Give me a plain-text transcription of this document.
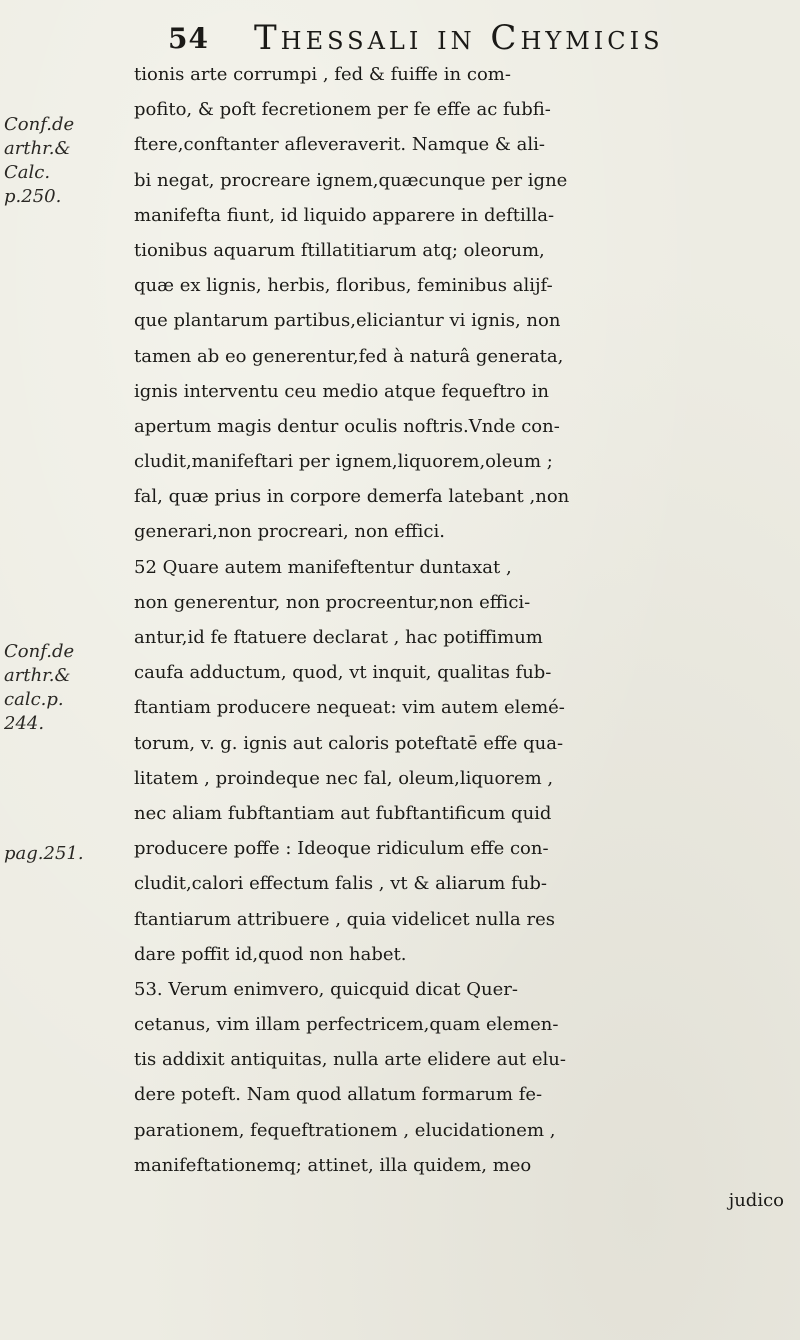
54 Thessali in Chymicis
Conf.de
arthr.&
Calc.
p.250.
Conf.de
arthr.&
calc.p.
244.
pag.251.
tionis arte corrumpi , fed & fuiffe in com-
pofito, & poft fecretionem per fe effe ac fubfi-
ftere,conftanter afleveraverit. Namque & ali-
bi negat, procreare ignem,quæcunque per igne
manifefta fiunt, id liquido apparere in deftilla-
tionibus aquarum ftillatitiarum atq; oleorum,
quæ ex lignis, herbis, floribus, feminibus alijf-
que plantarum partibus,eliciantur vi ignis, non
tamen ab eo generentur,fed à naturâ generata,
ignis interventu ceu medio atque fequeftro in
apertum magis dentur oculis noftris.Vnde con-
cludit,manifeftari per ignem,liquorem,oleum ;
fal, quæ prius in corpore demerfa latebant ,non
generari,non procreari, non effici.
52 Quare autem manifeftentur duntaxat ,
non generentur, non procreentur,non effici-
antur,id fe ftatuere declarat , hac potiffimum
caufa adductum, quod, vt inquit, qualitas fub-
ftantiam producere nequeat: vim autem elemé-
torum, v. g. ignis aut caloris poteftatē effe qua-
litatem , proindeque nec fal, oleum,liquorem ,
nec aliam fubftantiam aut fubftantificum quid
producere poffe : Ideoque ridiculum effe con-
cludit,calori effectum falis , vt & aliarum fub-
ftantiarum attribuere , quia videlicet nulla res
dare poffit id,quod non habet.
53. Verum enimvero, quicquid dicat Quer-
cetanus, vim illam perfectricem,quam elemen-
tis addixit antiquitas, nulla arte elidere aut elu-
dere poteft. Nam quod allatum formarum fe-
parationem, fequeftrationem , elucidationem ,
manifeftationemq; attinet, illa quidem, meo
judico
